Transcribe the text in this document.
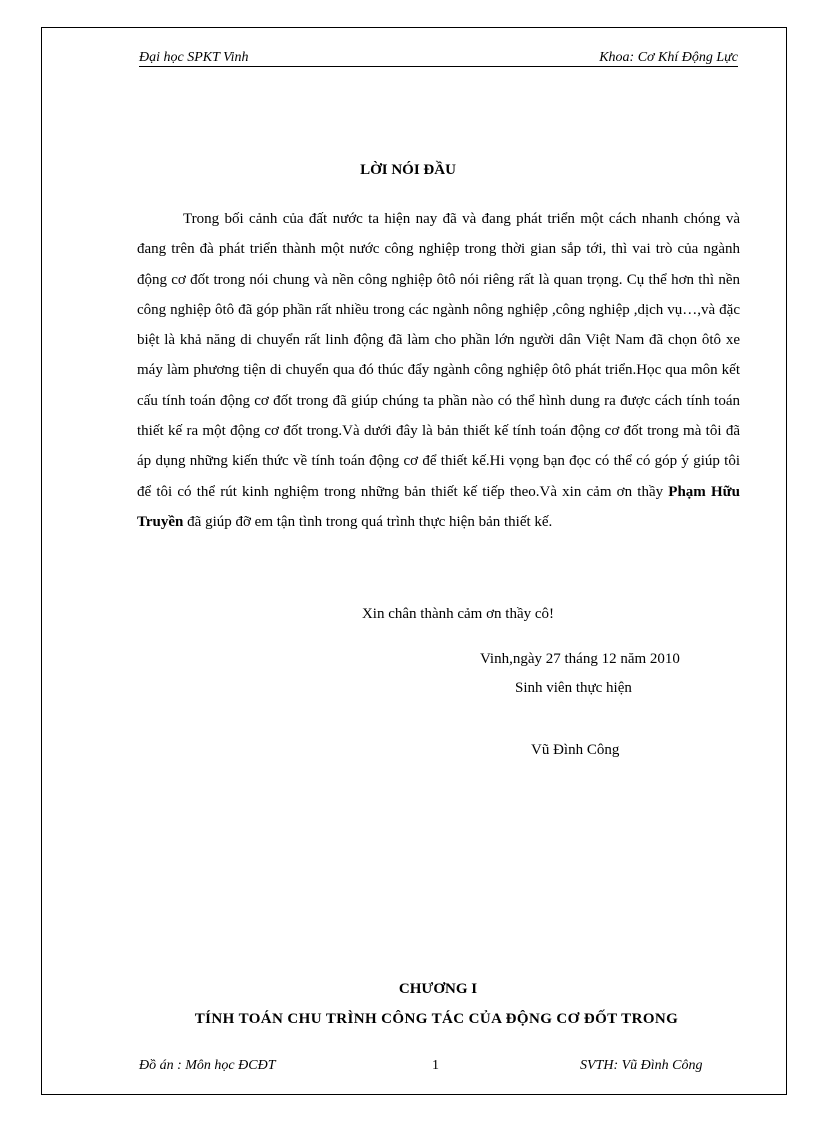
Đại học SPKT Vinh	Khoa: Cơ Khí Động Lực
LỜI NÓI ĐẦU

Trong bối cảnh của đất nước ta hiện nay đã và đang phát triển một cách nhanh chóng và đang trên đà phát triển thành một nước công nghiệp trong thời gian sắp tới, thì vai trò của ngành động cơ đốt trong nói chung và nền công nghiệp ôtô nói riêng rất là quan trọng. Cụ thể hơn thì nền công nghiệp ôtô đã góp phần rất nhiều trong các ngành nông nghiệp ,công nghiệp ,dịch vụ…,và đặc biệt là khả năng di chuyển rất linh động đã làm cho phần lớn người dân Việt Nam đã chọn ôtô xe máy làm phương tiện di chuyển qua đó thúc đẩy ngành công nghiệp ôtô phát triển.Học qua môn kết cấu tính toán động cơ đốt trong đã giúp chúng ta phần nào có thể hình dung ra được cách tính toán thiết kế ra một động cơ đốt trong.Và dưới đây là bản thiết kế tính toán động cơ đốt trong mà tôi đã áp dụng những kiến thức về tính toán động cơ để thiết kế.Hi vọng bạn đọc có thể có góp ý giúp tôi để tôi có thể rút kinh nghiệm trong những bản thiết kế tiếp theo.Và xin cảm ơn thầy Phạm Hữu Truyền đã giúp đỡ em tận tình trong quá trình thực hiện bản thiết kế.

Xin chân thành cảm ơn thầy cô!
Vinh,ngày 27 tháng 12 năm 2010
Sinh viên thực hiện
Vũ Đình Công
CHƯƠNG I
TÍNH TOÁN CHU TRÌNH CÔNG TÁC CỦA ĐỘNG CƠ ĐỐT TRONG
Đồ án : Môn học ĐCĐT	1	SVTH: Vũ Đình Công
